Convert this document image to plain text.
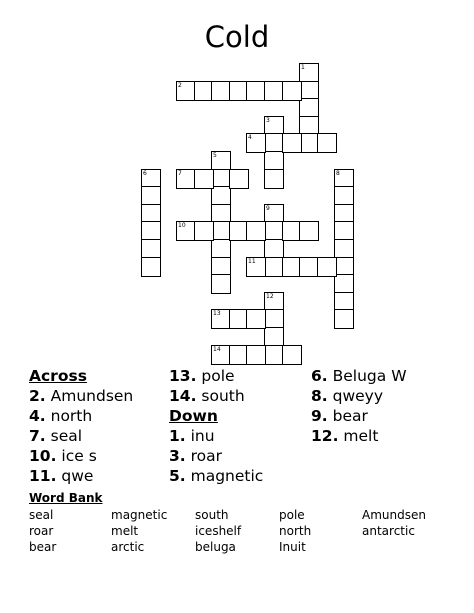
Cold
1
2
3
4
5
6	7	8
9
10
11
12
13
14
Across
2. Amundsen
4. north
7. seal
10. ice s
11. qwe
13. pole
14. south
Down
1. inu
3. roar
5. magnetic
6. Beluga W
8. qweyy
9. bear
12. melt
Word Bank
seal	magnetic south	pole	Amundsen
roar	melt	iceshelf	north	antarctic
bear	arctic	beluga	Inuit
